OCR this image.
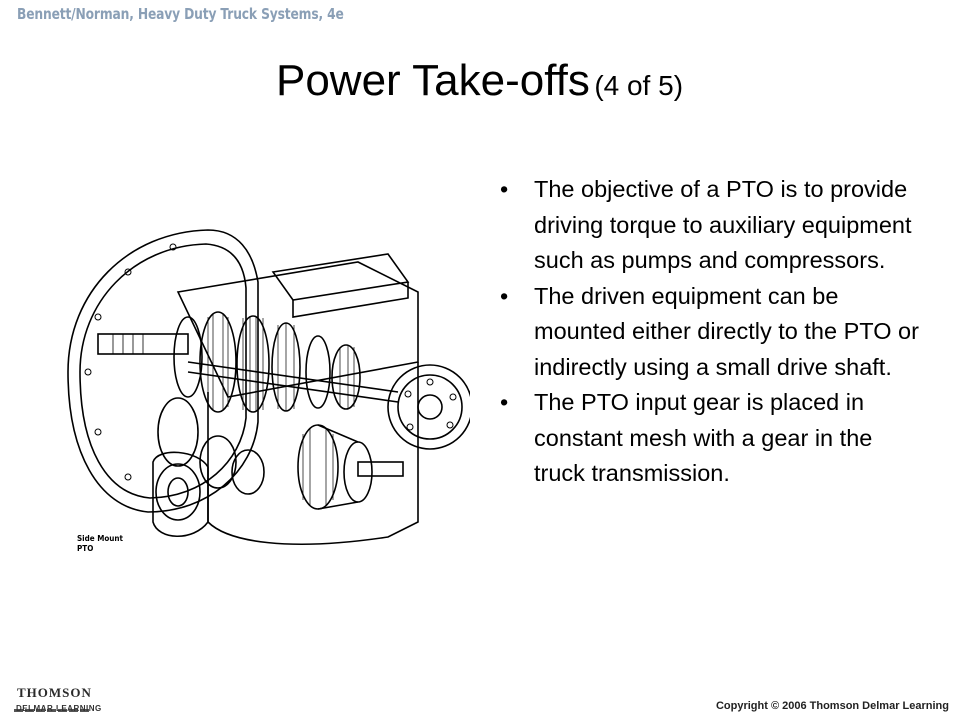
Bennett/Norman, Heavy Duty Truck Systems, 4e
Power Take-offs (4 of 5)
• The objective of a PTO is to provide driving torque to auxiliary equipment such as pumps and compressors.
• The driven equipment can be mounted either directly to the PTO or indirectly using a small drive shaft.
• The PTO input gear is placed in constant mesh with a gear in the truck transmission.
Side Mount
PTO
THOMSON
DELMAR LEARNING	Copyright © 2006 Thomson Delmar Learning
